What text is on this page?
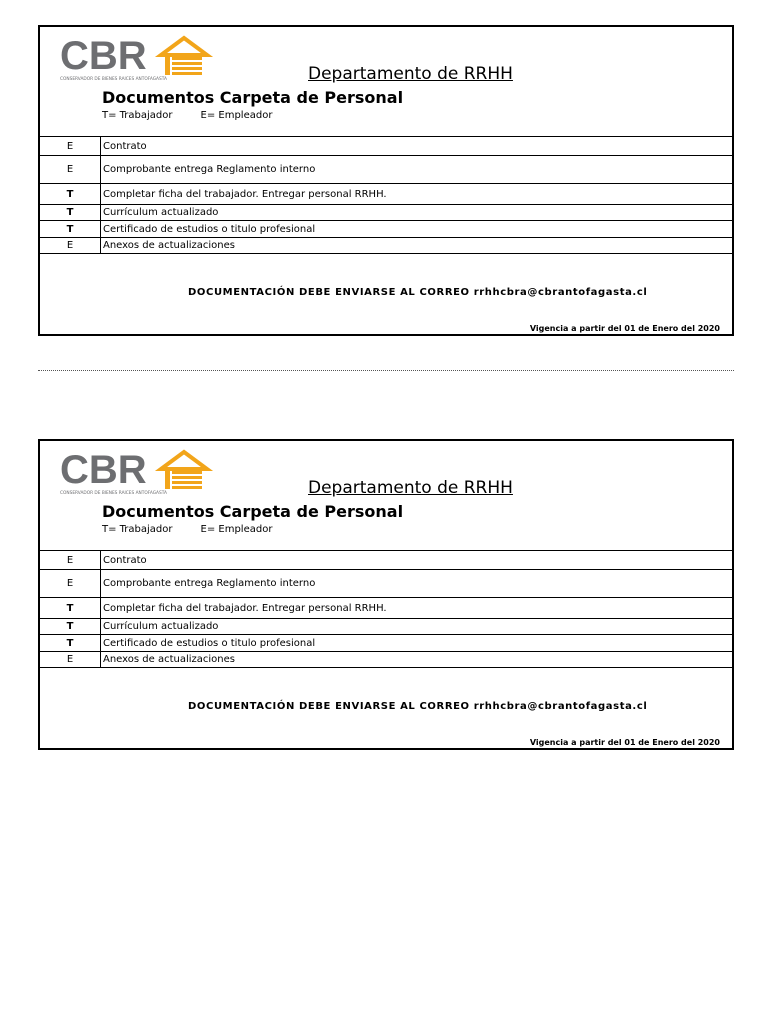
CBR
CONSERVADOR DE BIENES RAICES ANTOFAGASTA	Departamento de RRHH
Documentos Carpeta de Personal
T= Trabajador	E= Empleador
E	Contrato
E	Comprobante entrega Reglamento interno
T	Completar ficha del trabajador. Entregar personal RRHH.
T	Currículum actualizado
T	Certificado de estudios o titulo profesional
E	Anexos de actualizaciones
DOCUMENTACIÓN DEBE ENVIARSE AL CORREO rrhhcbra@cbrantofagasta.cl
Vigencia a partir del 01 de Enero del 2020
CBR
CONSERVADOR DE BIENES RAICES ANTOFAGASTA	Departamento de RRHH
Documentos Carpeta de Personal
T= Trabajador	E= Empleador
E	Contrato
E	Comprobante entrega Reglamento interno
T	Completar ficha del trabajador. Entregar personal RRHH.
T	Currículum actualizado
T	Certificado de estudios o titulo profesional
E	Anexos de actualizaciones
DOCUMENTACIÓN DEBE ENVIARSE AL CORREO rrhhcbra@cbrantofagasta.cl
Vigencia a partir del 01 de Enero del 2020
